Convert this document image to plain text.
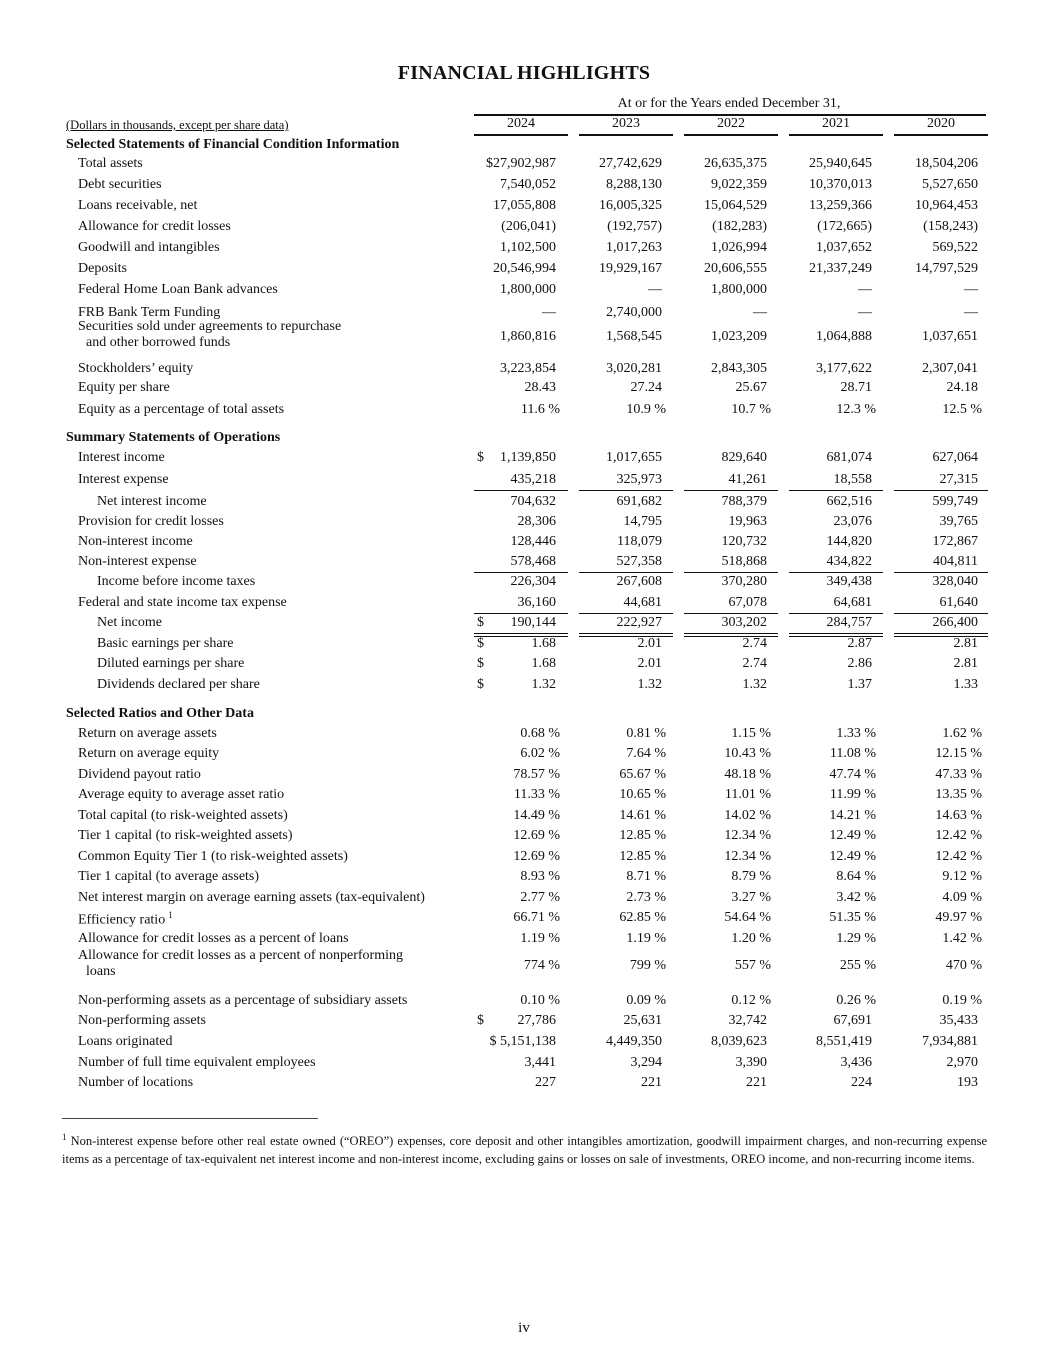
FINANCIAL HIGHLIGHTS
At or for the Years ended December 31,
(Dollars in thousands, except per share data)	2024	2023	2022	2021	2020
Selected Statements of Financial Condition Information
Total assets	$27,902,987	27,742,629	26,635,375	25,940,645	18,504,206
Debt securities	7,540,052	8,288,130	9,022,359	10,370,013	5,527,650
Loans receivable, net	17,055,808	16,005,325	15,064,529	13,259,366	10,964,453
Allowance for credit losses	(206,041)	(192,757)	(182,283)	(172,665)	(158,243)
Goodwill and intangibles	1,102,500	1,017,263	1,026,994	1,037,652	569,522
Deposits	20,546,994	19,929,167	20,606,555	21,337,249	14,797,529
Federal Home Loan Bank advances	1,800,000	—	1,800,000	—	—
FRB Bank Term Funding	—	2,740,000	—	—	—
Securities sold under agreements to repurchase
and other borrowed funds	1,860,816	1,568,545	1,023,209	1,064,888	1,037,651
Stockholders’ equity	3,223,854	3,020,281	2,843,305	3,177,622	2,307,041
Equity per share	28.43	27.24	25.67	28.71	24.18
Equity as a percentage of total assets	11.6 %	10.9 %	10.7 %	12.3 %	12.5 %
Summary Statements of Operations
Interest income	$ 1,139,850	1,017,655	829,640	681,074	627,064
Interest expense	435,218	325,973	41,261	18,558	27,315
Net interest income	704,632	691,682	788,379	662,516	599,749
Provision for credit losses	28,306	14,795	19,963	23,076	39,765
Non-interest income	128,446	118,079	120,732	144,820	172,867
Non-interest expense	578,468	527,358	518,868	434,822	404,811
Income before income taxes	226,304	267,608	370,280	349,438	328,040
Federal and state income tax expense	36,160	44,681	67,078	64,681	61,640
Net income	$ 190,144	222,927	303,202	284,757	266,400
Basic earnings per share	$	1.68	2.01	2.74	2.87	2.81
Diluted earnings per share	$	1.68	2.01	2.74	2.86	2.81
Dividends declared per share	$	1.32	1.32	1.32	1.37	1.33
Selected Ratios and Other Data
Return on average assets	0.68 %	0.81 %	1.15 %	1.33 %	1.62 %
Return on average equity	6.02 %	7.64 %	10.43 %	11.08 %	12.15 %
Dividend payout ratio	78.57 %	65.67 %	48.18 %	47.74 %	47.33 %
Average equity to average asset ratio	11.33 %	10.65 %	11.01 %	11.99 %	13.35 %
Total capital (to risk-weighted assets)	14.49 %	14.61 %	14.02 %	14.21 %	14.63 %
Tier 1 capital (to risk-weighted assets)	12.69 %	12.85 %	12.34 %	12.49 %	12.42 %
Common Equity Tier 1 (to risk-weighted assets)	12.69 %	12.85 %	12.34 %	12.49 %	12.42 %
Tier 1 capital (to average assets)	8.93 %	8.71 %	8.79 %	8.64 %	9.12 %
Net interest margin on average earning assets (tax-equivalent)	2.77 %	2.73 %	3.27 %	3.42 %	4.09 %
Efficiency ratio $^1$	66.71 %	62.85 %	54.64 %	51.35 %	49.97 %
Allowance for credit losses as a percent of loans	1.19 %	1.19 %	1.20 %	1.29 %	1.42 %
Allowance for credit losses as a percent of nonperforming
loans	774 %	799 %	557 %	255 %	470 %
Non-performing assets as a percentage of subsidiary assets	0.10 %	0.09 %	0.12 %	0.26 %	0.19 %
Non-performing assets	$ 27,786	25,631	32,742	67,691	35,433
Loans originated	$ 5,151,138	4,449,350	8,039,623	8,551,419	7,934,881
Number of full time equivalent employees	3,441	3,294	3,390	3,436	2,970
Number of locations	227	221	221	224	193
$^1$ Non-interest expense before other real estate owned (“OREO”) expenses, core deposit and other intangibles amortization, goodwill impairment charges, and non-recurring expense items as a percentage of tax-equivalent net interest income and non-interest income, excluding gains or losses on sale of investments, OREO income, and non-recurring income items.
iv
